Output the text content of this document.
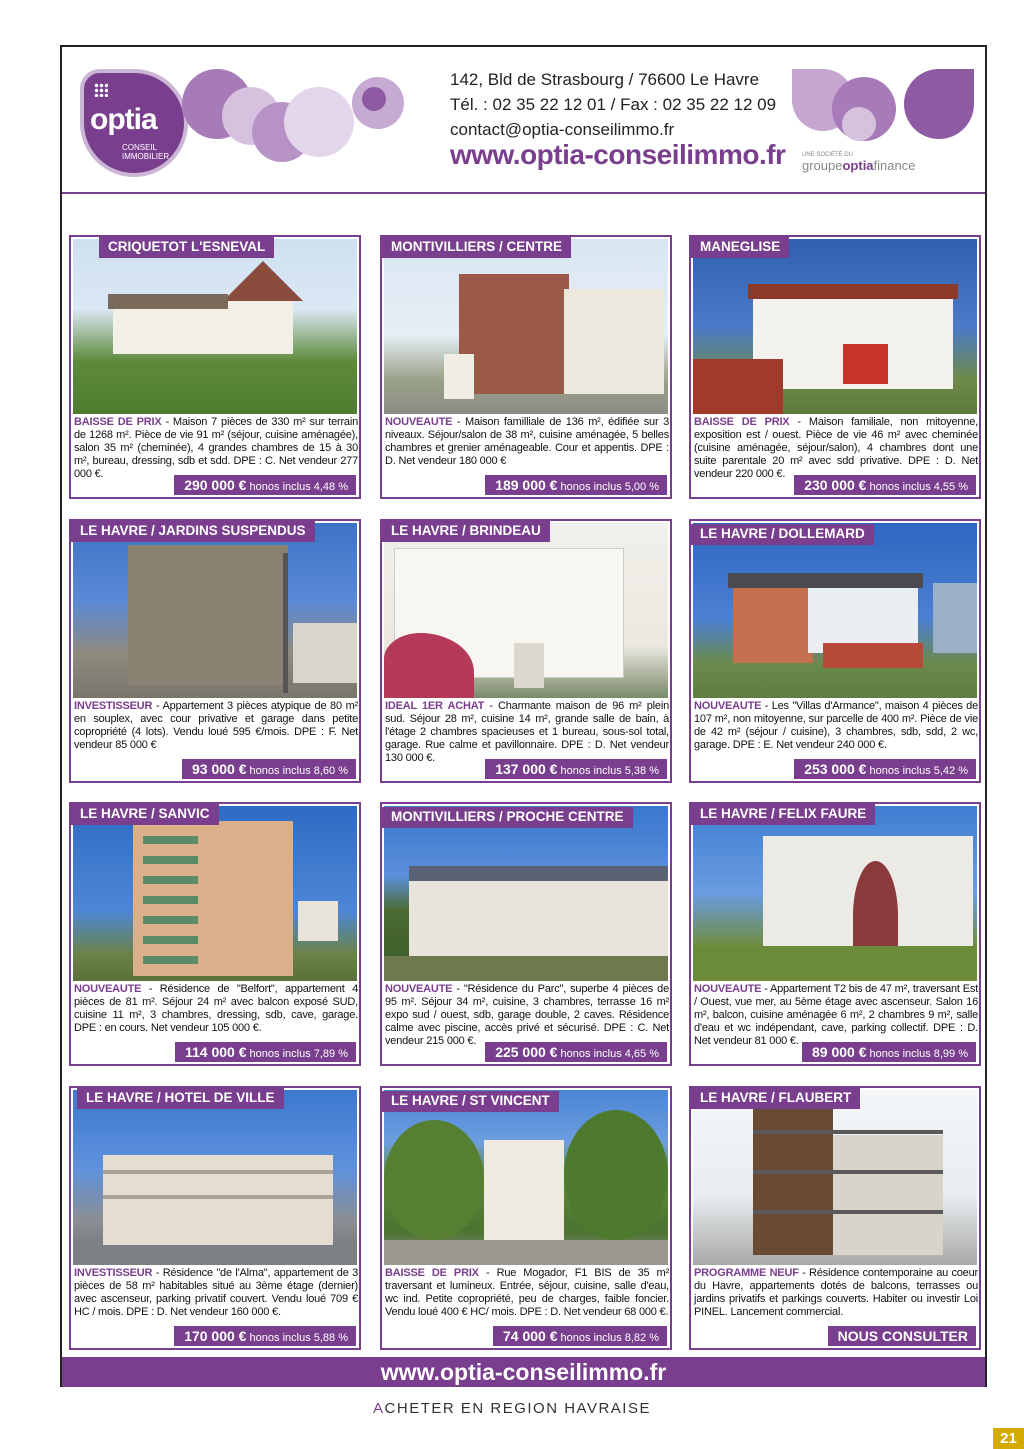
optia
CONSEIL
IMMOBILIER
142, Bld de Strasbourg / 76600 Le Havre
Tél. : 02 35 22 12 01 / Fax : 02 35 22 12 09
contact@optia-conseilimmo.fr
www.optia-conseilimmo.fr	UNE SOCIÉTÉ DU
groupeoptiafinance
CRIQUETOT L'ESNEVAL
BAISSE DE PRIX - Maison 7 pièces de 330 m² sur terrain de 1268 m². Pièce de vie 91 m² (séjour, cuisine aménagée), salon 35 m² (cheminée), 4 grandes chambres de 15 à 30 m², bureau, dressing, sdb et sdd. DPE : C. Net vendeur 277 000 €.
290 000 € honos inclus 4,48 %
MONTIVILLIERS / CENTRE
NOUVEAUTE - Maison familliale de 136 m², édifiée sur 3 niveaux. Séjour/salon de 38 m², cuisine aménagée, 5 belles chambres et grenier aménageable. Cour et appentis. DPE : D. Net vendeur 180 000 €
189 000 € honos inclus 5,00 %
MANEGLISE
BAISSE DE PRIX - Maison familiale, non mitoyenne, exposition est / ouest. Pièce de vie 46 m² avec cheminée (cuisine aménagée, séjour/salon), 4 chambres dont une suite parentale 20 m² avec sdd privative. DPE : D. Net vendeur 220 000 €.
230 000 € honos inclus 4,55 %
LE HAVRE / JARDINS SUSPENDUS
INVESTISSEUR - Appartement 3 pièces atypique de 80 m² en souplex, avec cour privative et garage dans petite copropriété (4 lots). Vendu loué 595 €/mois. DPE : F. Net vendeur 85 000 €
93 000 € honos inclus 8,60 %
LE HAVRE / BRINDEAU
IDEAL 1ER ACHAT - Charmante maison de 96 m² plein sud. Séjour 28 m², cuisine 14 m², grande salle de bain, à l'étage 2 chambres spacieuses et 1 bureau, sous-sol total, garage. Rue calme et pavillonnaire. DPE : D. Net vendeur 130 000 €.
137 000 € honos inclus 5,38 %
LE HAVRE / DOLLEMARD
NOUVEAUTE - Les "Villas d'Armance", maison 4 pièces de 107 m², non mitoyenne, sur parcelle de 400 m². Pièce de vie de 42 m² (séjour / cuisine), 3 chambres, sdb, sdd, 2 wc, garage. DPE : E. Net vendeur 240 000 €.
253 000 € honos inclus 5,42 %
LE HAVRE / SANVIC
NOUVEAUTE - Résidence de "Belfort", appartement 4 pièces de 81 m². Séjour 24 m² avec balcon exposé SUD, cuisine 11 m², 3 chambres, dressing, sdb, cave, garage. DPE : en cours. Net vendeur 105 000 €.
114 000 € honos inclus 7,89 %
MONTIVILLIERS / PROCHE CENTRE
NOUVEAUTE - "Résidence du Parc", superbe 4 pièces de 95 m². Séjour 34 m², cuisine, 3 chambres, terrasse 16 m² expo sud / ouest, sdb, garage double, 2 caves. Résidence calme avec piscine, accès privé et sécurisé. DPE : C. Net vendeur 215 000 €.
225 000 € honos inclus 4,65 %
LE HAVRE / FELIX FAURE
NOUVEAUTE - Appartement T2 bis de 47 m², traversant Est / Ouest, vue mer, au 5ème étage avec ascenseur. Salon 16 m², balcon, cuisine aménagée 6 m², 2 chambres 9 m², salle d'eau et wc indépendant, cave, parking collectif. DPE : D. Net vendeur 81 000 €.
89 000 € honos inclus 8,99 %
LE HAVRE / HOTEL DE VILLE
INVESTISSEUR - Résidence "de l'Alma", appartement de 3 pièces de 58 m² habitables situé au 3ème étage (dernier) avec ascenseur, parking privatif couvert. Vendu loué 709 € HC / mois. DPE : D. Net vendeur 160 000 €.
170 000 € honos inclus 5,88 %
LE HAVRE / ST VINCENT
BAISSE DE PRIX - Rue Mogador, F1 BIS de 35 m² traversant et lumineux. Entrée, séjour, cuisine, salle d'eau, wc ind. Petite copropriété, peu de charges, faible foncier. Vendu loué 400 € HC/ mois. DPE : D. Net vendeur 68 000 €.
74 000 € honos inclus 8,82 %
LE HAVRE / FLAUBERT
PROGRAMME NEUF - Résidence contemporaine au coeur du Havre, appartements dotés de balcons, terrasses ou jardins privatifs et parkings couverts. Habiter ou investir Loi PINEL. Lancement commercial.
NOUS CONSULTER
www.optia-conseilimmo.fr
ACHETER EN REGION HAVRAISE
21
